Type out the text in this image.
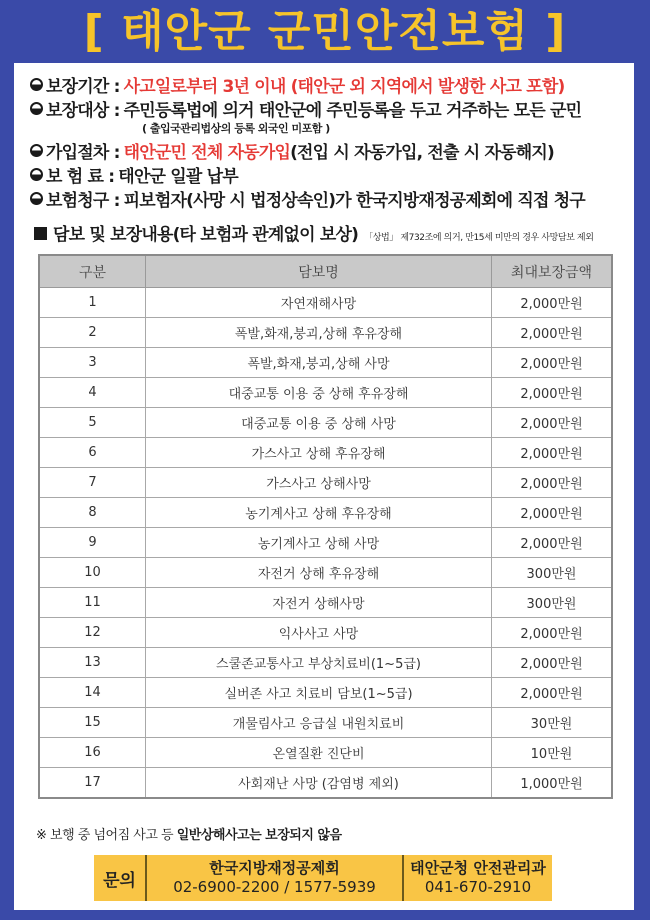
[ 태안군 군민안전보험 ]
보장기간 : 사고일로부터 3년 이내 (태안군 외 지역에서 발생한 사고 포함)
보장대상 : 주민등록법에 의거 태안군에 주민등록을 두고 거주하는 모든 군민
( 출입국관리법상의 등록 외국인 미포함 )
가입절차 : 태안군민 전체 자동가입 (전입 시 자동가입, 전출 시 자동해지)
보 험 료 : 태안군 일괄 납부
보험청구 : 피보험자(사망 시 법정상속인)가 한국지방재정공제회에 직접 청구
담보 및 보장내용(타 보험과 관계없이 보상) 「상법」 제732조에 의거, 만15세 미만의 경우 사망담보 제외
구분	담보명	최대보장금액
1	자연재해사망	2,000만원
2	폭발,화재,붕괴,상해 후유장해	2,000만원
3	폭발,화재,붕괴,상해 사망	2,000만원
4	대중교통 이용 중 상해 후유장해	2,000만원
5	대중교통 이용 중 상해 사망	2,000만원
6	가스사고 상해 후유장해	2,000만원
7	가스사고 상해사망	2,000만원
8	농기계사고 상해 후유장해	2,000만원
9	농기계사고 상해 사망	2,000만원
10	자전거 상해 후유장해	300만원
11	자전거 상해사망	300만원
12	익사사고 사망	2,000만원
13	스쿨존교통사고 부상치료비(1~5급)	2,000만원
14	실버존 사고 치료비 담보(1~5급)	2,000만원
15	개물림사고 응급실 내원치료비	30만원
16	온열질환 진단비	10만원
17	사회재난 사망 (감염병 제외)	1,000만원
※ 보행 중 넘어짐 사고 등 일반상해사고는 보장되지 않음
문의
한국지방재정공제회
02-6900-2200 / 1577-5939
태안군청 안전관리과
041-670-2910
